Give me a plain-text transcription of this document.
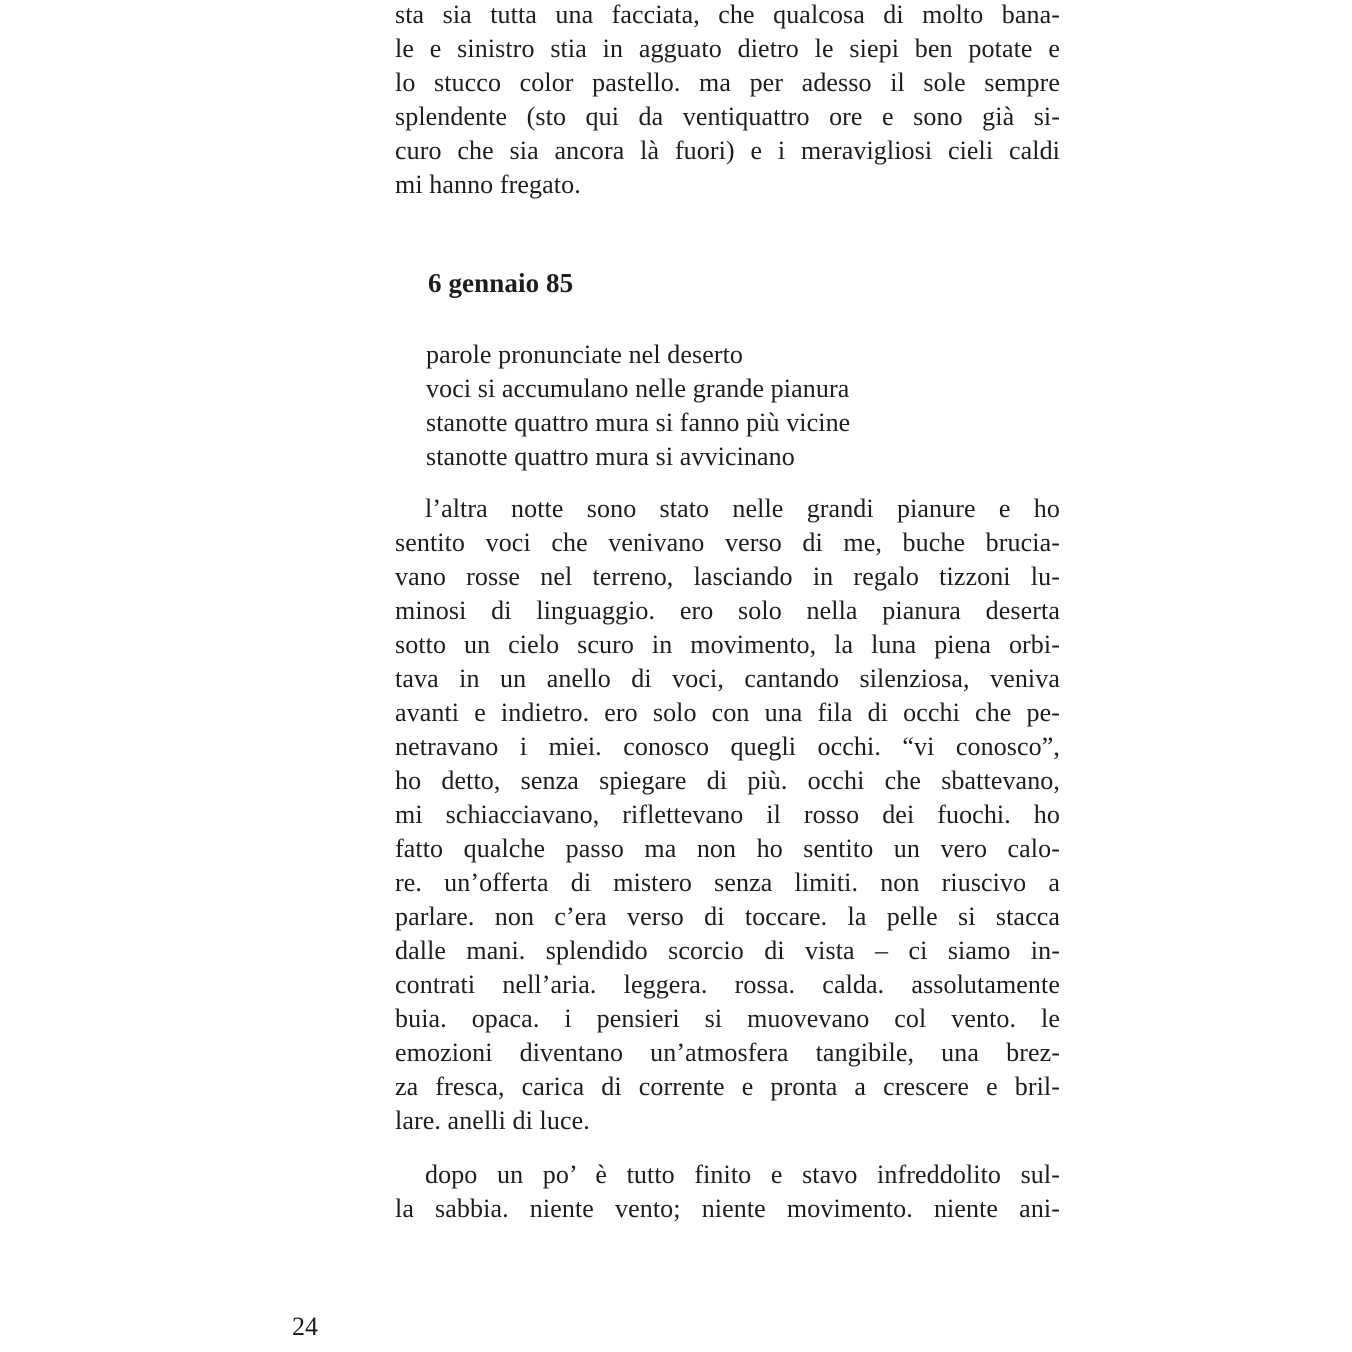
sta sia tutta una facciata, che qualcosa di molto bana-
le e sinistro stia in agguato dietro le siepi ben potate e
lo stucco color pastello. ma per adesso il sole sempre
splendente (sto qui da ventiquattro ore e sono già si-
curo che sia ancora là fuori) e i meravigliosi cieli caldi
mi hanno fregato.
6 gennaio 85
parole pronunciate nel deserto
voci si accumulano nelle grande pianura
stanotte quattro mura si fanno più vicine
stanotte quattro mura si avvicinano
l’altra notte sono stato nelle grandi pianure e ho
sentito voci che venivano verso di me, buche brucia-
vano rosse nel terreno, lasciando in regalo tizzoni lu-
minosi di linguaggio. ero solo nella pianura deserta
sotto un cielo scuro in movimento, la luna piena orbi-
tava in un anello di voci, cantando silenziosa, veniva
avanti e indietro. ero solo con una fila di occhi che pe-
netravano i miei. conosco quegli occhi. “vi conosco”,
ho detto, senza spiegare di più. occhi che sbattevano,
mi schiacciavano, riflettevano il rosso dei fuochi. ho
fatto qualche passo ma non ho sentito un vero calo-
re. un’offerta di mistero senza limiti. non riuscivo a
parlare. non c’era verso di toccare. la pelle si stacca
dalle mani. splendido scorcio di vista – ci siamo in-
contrati nell’aria. leggera. rossa. calda. assolutamente
buia. opaca. i pensieri si muovevano col vento. le
emozioni diventano un’atmosfera tangibile, una brez-
za fresca, carica di corrente e pronta a crescere e bril-
lare. anelli di luce.
dopo un po’ è tutto finito e stavo infreddolito sul-
la sabbia. niente vento; niente movimento. niente ani-
24
